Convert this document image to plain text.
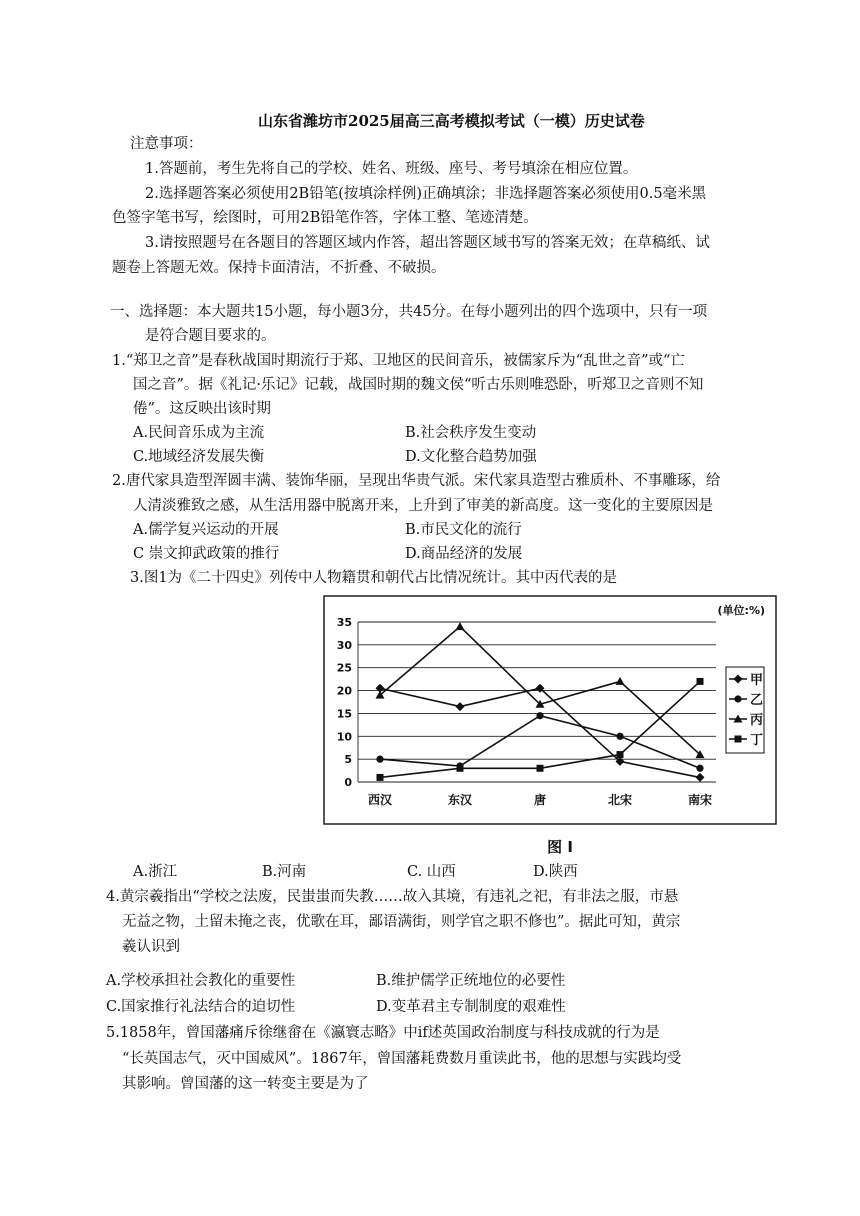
山东省潍坊市2025届高三高考模拟考试（一模）历史试卷
注意事项：
1.答题前，考生先将自己的学校、姓名、班级、座号、考号填涂在相应位置。
2.选择题答案必须使用2B铅笔(按填涂样例)正确填涂；非选择题答案必须使用0.5毫米黑
色签字笔书写，绘图时，可用2B铅笔作答，字体工整、笔迹清楚。
3.请按照题号在各题目的答题区域内作答，超出答题区域书写的答案无效；在草稿纸、试
题卷上答题无效。保持卡面清洁，不折叠、不破损。
一、选择题：本大题共15小题，每小题3分，共45分。在每小题列出的四个选项中，只有一项
是符合题目要求的。
1.“郑卫之音”是春秋战国时期流行于郑、卫地区的民间音乐，被儒家斥为“乱世之音”或“亡
国之音”。据《礼记·乐记》记载，战国时期的魏文侯“听古乐则唯恐卧，听郑卫之音则不知
倦”。这反映出该时期
A.民间音乐成为主流	B.社会秩序发生变动
C.地域经济发展失衡	D.文化整合趋势加强
2.唐代家具造型浑圆丰满、装饰华丽，呈现出华贵气派。宋代家具造型古雅质朴、不事雕琢，给
人清淡雅致之感，从生活用器中脱离开来，上升到了审美的新高度。这一变化的主要原因是
A.儒学复兴运动的开展	B.市民文化的流行
C 崇文抑武政策的推行	D.商品经济的发展
3.图1为《二十四史》列传中人物籍贯和朝代占比情况统计。其中丙代表的是
0
5
10
15
20
25
30
35
(单位:%)
西汉	东汉	唐	北宋	南宋
甲
乙
丙
丁
图 I
A.浙江	B.河南	C. 山西	D.陕西
4.黄宗羲指出“学校之法废，民蚩蚩而失教……故入其境，有违礼之祀，有非法之服，市悬
无益之物，土留未掩之丧，优歌在耳，鄙语满街，则学官之职不修也”。据此可知，黄宗
羲认识到
A.学校承担社会教化的重要性	B.维护儒学正统地位的必要性
C.国家推行礼法结合的迫切性	D.变革君主专制制度的艰难性
5.1858年，曾国藩痛斥徐继畲在《瀛寰志略》中if述英国政治制度与科技成就的行为是
“长英国志气，灭中国威风”。1867年，曾国藩耗费数月重读此书，他的思想与实践均受
其影响。曾国藩的这一转变主要是为了
